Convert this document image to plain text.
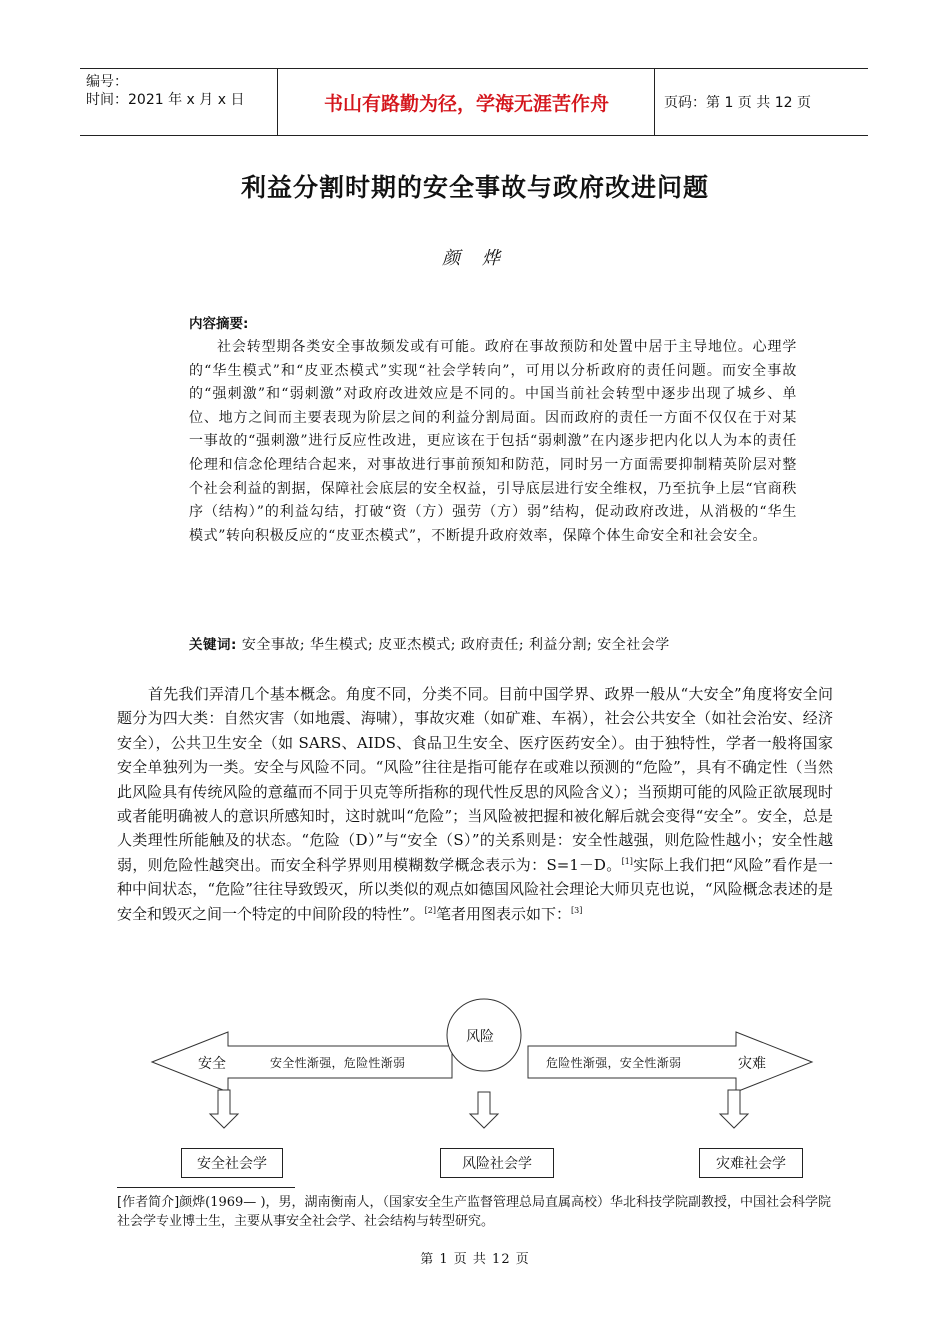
编号：
时间：2021 年 x 月 x 日	书山有路勤为径，学海无涯苦作舟	页码：第 1 页 共 12 页
利益分割时期的安全事故与政府改进问题
颜 烨
内容摘要:

社会转型期各类安全事故频发或有可能。政府在事故预防和处置中居于主导地位。心理学的“华生模式”和“皮亚杰模式”实现“社会学转向”，可用以分析政府的责任问题。而安全事故的“强刺激”和“弱刺激”对政府改进效应是不同的。中国当前社会转型中逐步出现了城乡、单位、地方之间而主要表现为阶层之间的利益分割局面。因而政府的责任一方面不仅仅在于对某一事故的“强刺激”进行反应性改进，更应该在于包括“弱刺激”在内逐步把内化以人为本的责任伦理和信念伦理结合起来，对事故进行事前预知和防范，同时另一方面需要抑制精英阶层对整个社会利益的割据，保障社会底层的安全权益，引导底层进行安全维权，乃至抗争上层“官商秩序（结构）”的利益勾结，打破“资（方）强劳（方）弱”结构，促动政府改进，从消极的“华生模式”转向积极反应的“皮亚杰模式”，不断提升政府效率，保障个体生命安全和社会安全。

关键词: 安全事故; 华生模式; 皮亚杰模式; 政府责任; 利益分割; 安全社会学

首先我们弄清几个基本概念。角度不同，分类不同。目前中国学界、政界一般从“大安全”角度将安全问题分为四大类：自然灾害（如地震、海啸），事故灾难（如矿难、车祸），社会公共安全（如社会治安、经济安全），公共卫生安全（如 SARS、AIDS、食品卫生安全、医疗医药安全）。由于独特性，学者一般将国家安全单独列为一类。安全与风险不同。“风险”往往是指可能存在或难以预测的“危险”，具有不确定性（当然此风险具有传统风险的意蕴而不同于贝克等所指称的现代性反思的风险含义）；当预期可能的风险正欲展现时或者能明确被人的意识所感知时，这时就叫“危险”；当风险被把握和被化解后就会变得“安全”。安全，总是人类理性所能触及的状态。“危险（D）”与“安全（S）”的关系则是：安全性越强，则危险性越小；安全性越弱，则危险性越突出。而安全科学界则用模糊数学概念表示为：S=1－D。[1]实际上我们把“风险”看作是一种中间状态，“危险”往往导致毁灭，所以类似的观点如德国风险社会理论大师贝克也说，“风险概念表述的是安全和毁灭之间一个特定的中间阶段的特性”。[2]笔者用图表示如下：[3]

风险
安全	安全性渐强，危险性渐弱	危险性渐强，安全性渐弱	灾难
安全社会学	风险社会学	灾难社会学
[作者简介]颜烨(1969— )，男，湖南衡南人，（国家安全生产监督管理总局直属高校）华北科技学院副教授，中国社会科学院社会学专业博士生，主要从事安全社会学、社会结构与转型研究。
第 1 页 共 12 页
